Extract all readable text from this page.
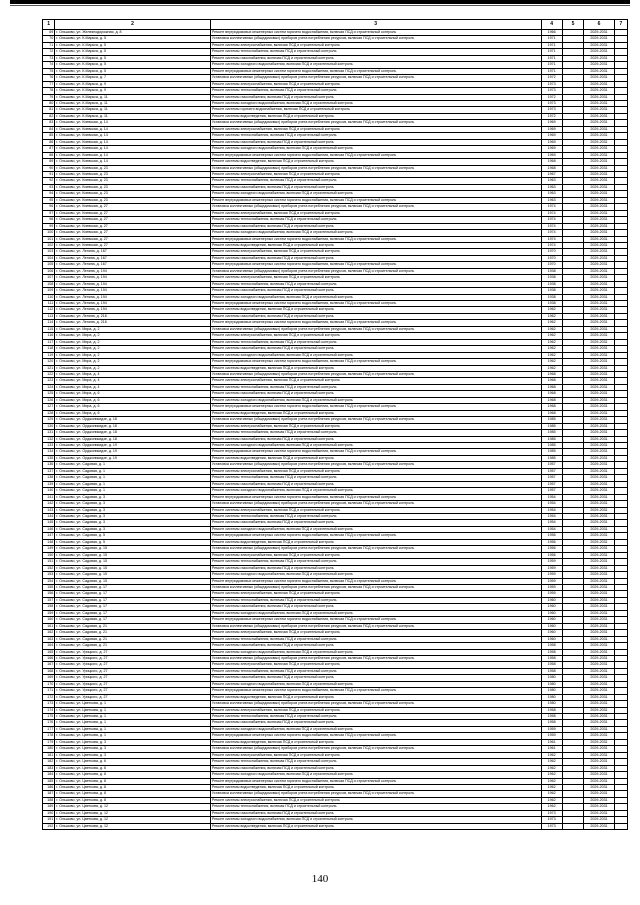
1	2	3	4	5	6	7
69	г. Ольшово, ул. Железнодорожная, д. 8	Ремонт внутридомовых инженерных систем горячего водоснабжения, включая ПСД и строительный контроль	1966		2029-2031	
70	г. Ольшово, ул. К.Маркса, д. 5	Установка коллективных (общедомовых) приборов учета потребления ресурсов, включая ПСД и строительный контроль	1971		2029-2031	
71	г. Ольшово, ул. К.Маркса, д. 5	Ремонт системы электроснабжения, включая ПСД и строительный контроль	1971		2029-2031	
72	г. Ольшово, ул. К.Маркса, д. 5	Ремонт системы теплоснабжения, включая ПСД и строительный контроль	1971		2029-2031	
73	г. Ольшово, ул. К.Маркса, д. 5	Ремонт системы газоснабжения, включая ПСД и строительный контроль	1971		2029-2031	
74	г. Ольшово, ул. К.Маркса, д. 5	Ремонт системы холодного водоснабжения, включая ПСД и строительный контроль	1971		2029-2031	
75	г. Ольшово, ул. К.Маркса, д. 5	Ремонт внутридомовых инженерных систем горячего водоснабжения, включая ПСД и строительный контроль	1971		2029-2031	
76	г. Ольшово, ул. К.Маркса, д. 7	Установка коллективных (общедомовых) приборов учета потребления ресурсов, включая ПСД и строительный контроль	1972		2029-2031	
77	г. Ольшово, ул. К.Маркса, д. 9	Ремонт системы электроснабжения, включая ПСД и строительный контроль	1973		2029-2031	
78	г. Ольшово, ул. К.Маркса, д. 9	Ремонт системы теплоснабжения, включая ПСД и строительный контроль	1973		2029-2031	
79	г. Ольшово, ул. К.Маркса, д. 11	Ремонт системы газоснабжения, включая ПСД и строительный контроль	1972		2029-2031	
80	г. Ольшово, ул. К.Маркса, д. 11	Ремонт системы холодного водоснабжения, включая ПСД и строительный контроль	1973		2029-2031	
81	г. Ольшово, ул. К.Маркса, д. 11	Ремонт системы горячего водоснабжения, включая ПСД и строительный контроль	1973		2029-2031	
82	г. Ольшово, ул. К.Маркса, д. 11	Ремонт системы водоотведения, включая ПСД и строительный контроль	1972		2029-2031	
83	г. Ольшово, ул. Киевская, д. 14	Установка коллективных (общедомовых) приборов учета потребления ресурсов, включая ПСД и строительный контроль	1969		2029-2031	
84	г. Ольшово, ул. Киевская, д. 14	Ремонт системы электроснабжения, включая ПСД и строительный контроль	1969		2029-2031	
85	г. Ольшово, ул. Киевская, д. 14	Ремонт системы теплоснабжения, включая ПСД и строительный контроль	1969		2029-2031	
86	г. Ольшово, ул. Киевская, д. 14	Ремонт системы газоснабжения, включая ПСД и строительный контроль	1969		2029-2031	
87	г. Ольшово, ул. Киевская, д. 14	Ремонт системы холодного водоснабжения, включая ПСД и строительный контроль	1969		2029-2031	
88	г. Ольшово, ул. Киевская, д. 14	Ремонт внутридомовых инженерных систем горячего водоснабжения, включая ПСД и строительный контроль	1969		2029-2031	
89	г. Ольшово, ул. Киевская, д. 14	Ремонт системы водоотведения, включая ПСД и строительный контроль	1968		2029-2031	
90	г. Ольшово, ул. Киевская, д. 23	Установка коллективных (общедомовых) приборов учета потребления ресурсов, включая ПСД и строительный контроль	1968		2029-2031	
91	г. Ольшово, ул. Киевская, д. 23	Ремонт системы электроснабжения, включая ПСД и строительный контроль	1967		2029-2031	
92	г. Ольшово, ул. Киевская, д. 23	Ремонт системы теплоснабжения, включая ПСД и строительный контроль	1963		2029-2031	
93	г. Ольшово, ул. Киевская, д. 23	Ремонт системы газоснабжения, включая ПСД и строительный контроль	1963		2029-2031	
94	г. Ольшово, ул. Киевская, д. 23	Ремонт системы холодного водоснабжения, включая ПСД и строительный контроль	1963		2029-2031	
95	г. Ольшово, ул. Киевская, д. 23	Ремонт внутридомовых инженерных систем горячего водоснабжения, включая ПСД и строительный контроль	1963		2029-2031	
96	г. Ольшово, ул. Киевская, д. 27	Установка коллективных (общедомовых) приборов учета потребления ресурсов, включая ПСД и строительный контроль	1974		2029-2031	
97	г. Ольшово, ул. Киевская, д. 27	Ремонт системы электроснабжения, включая ПСД и строительный контроль	1974		2029-2031	
98	г. Ольшово, ул. Киевская, д. 27	Ремонт системы теплоснабжения, включая ПСД и строительный контроль	1974		2029-2031	
99	г. Ольшово, ул. Киевская, д. 27	Ремонт системы газоснабжения, включая ПСД и строительный контроль	1974		2029-2031	
100	г. Ольшово, ул. Киевская, д. 27	Ремонт системы холодного водоснабжения, включая ПСД и строительный контроль	1974		2029-2031	
101	г. Ольшово, ул. Киевская, д. 27	Ремонт внутридомовых инженерных систем горячего водоснабжения, включая ПСД и строительный контроль	1974		2029-2031	
102	г. Ольшово, ул. Киевская, д. 27	Ремонт системы водоотведения, включая ПСД и строительный контроль	1974		2029-2031	
103	г. Ольшово, ул. Ленина, д. 167	Ремонт системы электроснабжения, включая ПСД и строительный контроль	1970		2029-2031	
104	г. Ольшово, ул. Ленина, д. 167	Ремонт системы газоснабжения, включая ПСД и строительный контроль	1970		2029-2031	
105	г. Ольшово, ул. Ленина, д. 167	Ремонт внутридомовых инженерных систем горячего водоснабжения, включая ПСД и строительный контроль	1970		2029-2031	
106	г. Ольшово, ул. Ленина, д. 194	Установка коллективных (общедомовых) приборов учета потребления ресурсов, включая ПСД и строительный контроль	1938		2029-2031	
107	г. Ольшово, ул. Ленина, д. 194	Ремонт системы электроснабжения, включая ПСД и строительный контроль	1938		2029-2031	
108	г. Ольшово, ул. Ленина, д. 194	Ремонт системы теплоснабжения, включая ПСД и строительный контроль	1938		2029-2031	
109	г. Ольшово, ул. Ленина, д. 194	Ремонт системы газоснабжения, включая ПСД и строительный контроль	1938		2029-2031	
110	г. Ольшово, ул. Ленина, д. 194	Ремонт системы холодного водоснабжения, включая ПСД и строительный контроль	1938		2029-2031	
111	г. Ольшово, ул. Ленина, д. 194	Ремонт внутридомовых инженерных систем горячего водоснабжения, включая ПСД и строительный контроль	1938		2029-2031	
112	г. Ольшово, ул. Ленина, д. 194	Ремонт системы водоотведения, включая ПСД и строительный контроль	1962		2029-2031	
113	г. Ольшово, ул. Ленина, д. 216	Ремонт системы газоснабжения, включая ПСД и строительный контроль	1962		2029-2031	
114	г. Ольшово, ул. Ленина, д. 216	Ремонт внутридомовых инженерных систем горячего водоснабжения, включая ПСД и строительный контроль	1962		2029-2031	
115	г. Ольшово, ул. Мира, д. 2	Установка коллективных (общедомовых) приборов учета потребления ресурсов, включая ПСД и строительный контроль	1962		2029-2031	
116	г. Ольшово, ул. Мира, д. 2	Ремонт системы электроснабжения, включая ПСД и строительный контроль	1962		2029-2031	
117	г. Ольшово, ул. Мира, д. 2	Ремонт системы теплоснабжения, включая ПСД и строительный контроль	1962		2029-2031	
118	г. Ольшово, ул. Мира, д. 2	Ремонт системы газоснабжения, включая ПСД и строительный контроль	1962		2029-2031	
119	г. Ольшово, ул. Мира, д. 2	Ремонт системы холодного водоснабжения, включая ПСД и строительный контроль	1962		2029-2031	
120	г. Ольшово, ул. Мира, д. 2	Ремонт внутридомовых инженерных систем горячего водоснабжения, включая ПСД и строительный контроль	1962		2029-2031	
121	г. Ольшово, ул. Мира, д. 2	Ремонт системы водоотведения, включая ПСД и строительный контроль	1962		2029-2031	
122	г. Ольшово, ул. Мира, д. 4	Установка коллективных (общедомовых) приборов учета потребления ресурсов, включая ПСД и строительный контроль	1968		2029-2031	
123	г. Ольшово, ул. Мира, д. 4	Ремонт системы электроснабжения, включая ПСД и строительный контроль	1968		2029-2031	
124	г. Ольшово, ул. Мира, д. 4	Ремонт системы теплоснабжения, включая ПСД и строительный контроль	1968		2029-2031	
125	г. Ольшово, ул. Мира, д. 6	Ремонт системы газоснабжения, включая ПСД и строительный контроль	1968		2029-2031	
126	г. Ольшово, ул. Мира, д. 6	Ремонт системы холодного водоснабжения, включая ПСД и строительный контроль	1968		2029-2031	
127	г. Ольшово, ул. Мира, д. 6	Ремонт внутридомовых инженерных систем горячего водоснабжения, включая ПСД и строительный контроль	1968		2029-2031	
128	г. Ольшово, ул. Мира, д. 6	Ремонт системы водоотведения, включая ПСД и строительный контроль	1968		2029-2031	
129	г. Ольшово, ул. Орджоникидзе, д. 18	Установка коллективных (общедомовых) приборов учета потребления ресурсов, включая ПСД и строительный контроль	1985		2029-2031	
130	г. Ольшово, ул. Орджоникидзе, д. 18	Ремонт системы электроснабжения, включая ПСД и строительный контроль	1985		2029-2031	
131	г. Ольшово, ул. Орджоникидзе, д. 18	Ремонт системы теплоснабжения, включая ПСД и строительный контроль	1985		2029-2031	
132	г. Ольшово, ул. Орджоникидзе, д. 18	Ремонт системы газоснабжения, включая ПСД и строительный контроль	1985		2029-2031	
133	г. Ольшово, ул. Орджоникидзе, д. 19	Ремонт системы холодного водоснабжения, включая ПСД и строительный контроль	1985		2029-2031	
134	г. Ольшово, ул. Орджоникидзе, д. 19	Ремонт внутридомовых инженерных систем горячего водоснабжения, включая ПСД и строительный контроль	1985		2029-2031	
135	г. Ольшово, ул. Орджоникидзе, д. 19	Ремонт системы водоотведения, включая ПСД и строительный контроль	1985		2029-2031	
136	г. Ольшово, ул. Садовая, д. 1	Установка коллективных (общедомовых) приборов учета потребления ресурсов, включая ПСД и строительный контроль	1957		2029-2031	
137	г. Ольшово, ул. Садовая, д. 1	Ремонт системы электроснабжения, включая ПСД и строительный контроль	1957		2029-2031	
138	г. Ольшово, ул. Садовая, д. 1	Ремонт системы теплоснабжения, включая ПСД и строительный контроль	1957		2029-2031	
139	г. Ольшово, ул. Садовая, д. 1	Ремонт системы газоснабжения, включая ПСД и строительный контроль	1957		2029-2031	
140	г. Ольшово, ул. Садовая, д. 1	Ремонт системы холодного водоснабжения, включая ПСД и строительный контроль	1957		2029-2031	
141	г. Ольшово, ул. Садовая, д. 3	Ремонт внутридомовых инженерных систем горячего водоснабжения, включая ПСД и строительный контроль	1954		2029-2031	
142	г. Ольшово, ул. Садовая, д. 3	Установка коллективных (общедомовых) приборов учета потребления ресурсов, включая ПСД и строительный контроль	1954		2029-2031	
143	г. Ольшово, ул. Садовая, д. 3	Ремонт системы электроснабжения, включая ПСД и строительный контроль	1954		2029-2031	
144	г. Ольшово, ул. Садовая, д. 3	Ремонт системы теплоснабжения, включая ПСД и строительный контроль	1954		2029-2031	
145	г. Ольшово, ул. Садовая, д. 3	Ремонт системы газоснабжения, включая ПСД и строительный контроль	1954		2029-2031	
146	г. Ольшово, ул. Садовая, д. 3	Ремонт системы холодного водоснабжения, включая ПСД и строительный контроль	1954		2029-2031	
147	г. Ольшово, ул. Садовая, д. 5	Ремонт внутридомовых инженерных систем горячего водоснабжения, включая ПСД и строительный контроль	1956		2029-2031	
148	г. Ольшово, ул. Садовая, д. 5	Ремонт системы водоотведения, включая ПСД и строительный контроль	1956		2029-2031	
149	г. Ольшово, ул. Садовая, д. 15	Установка коллективных (общедомовых) приборов учета потребления ресурсов, включая ПСД и строительный контроль	1956		2029-2031	
150	г. Ольшово, ул. Садовая, д. 15	Ремонт системы электроснабжения, включая ПСД и строительный контроль	1956		2029-2031	
151	г. Ольшово, ул. Садовая, д. 15	Ремонт системы теплоснабжения, включая ПСД и строительный контроль	1959		2029-2031	
152	г. Ольшово, ул. Садовая, д. 15	Ремонт системы газоснабжения, включая ПСД и строительный контроль	1959		2029-2031	
153	г. Ольшово, ул. Садовая, д. 15	Ремонт системы холодного водоснабжения, включая ПСД и строительный контроль	1959		2029-2031	
154	г. Ольшово, ул. Садовая, д. 15	Ремонт внутридомовых инженерных систем горячего водоснабжения, включая ПСД и строительный контроль	1959		2029-2031	
155	г. Ольшово, ул. Садовая, д. 17	Установка коллективных (общедомовых) приборов учета потребления ресурсов, включая ПСД и строительный контроль	1959		2029-2031	
156	г. Ольшово, ул. Садовая, д. 17	Ремонт системы электроснабжения, включая ПСД и строительный контроль	1959		2029-2031	
157	г. Ольшово, ул. Садовая, д. 17	Ремонт системы теплоснабжения, включая ПСД и строительный контроль	1960		2029-2031	
158	г. Ольшово, ул. Садовая, д. 17	Ремонт системы газоснабжения, включая ПСД и строительный контроль	1960		2029-2031	
159	г. Ольшово, ул. Садовая, д. 17	Ремонт системы холодного водоснабжения, включая ПСД и строительный контроль	1960		2029-2031	
160	г. Ольшово, ул. Садовая, д. 17	Ремонт внутридомовых инженерных систем горячего водоснабжения, включая ПСД и строительный контроль	1960		2029-2031	
161	г. Ольшово, ул. Садовая, д. 21	Установка коллективных (общедомовых) приборов учета потребления ресурсов, включая ПСД и строительный контроль	1960		2029-2031	
162	г. Ольшово, ул. Садовая, д. 21	Ремонт системы электроснабжения, включая ПСД и строительный контроль	1960		2029-2031	
163	г. Ольшово, ул. Садовая, д. 21	Ремонт системы теплоснабжения, включая ПСД и строительный контроль	1960		2029-2031	
164	г. Ольшово, ул. Садовая, д. 21	Ремонт системы газоснабжения, включая ПСД и строительный контроль	1958		2029-2031	
165	г. Ольшово, ул. Урицкого, д. 27	Ремонт системы холодного водоснабжения, включая ПСД и строительный контроль	1958		2029-2031	
166	г. Ольшово, ул. Урицкого, д. 27	Установка коллективных (общедомовых) приборов учета потребления ресурсов, включая ПСД и строительный контроль	1958		2029-2031	
167	г. Ольшово, ул. Урицкого, д. 27	Ремонт системы электроснабжения, включая ПСД и строительный контроль	1958		2029-2031	
168	г. Ольшово, ул. Урицкого, д. 27	Ремонт системы теплоснабжения, включая ПСД и строительный контроль	1958		2029-2031	
169	г. Ольшово, ул. Урицкого, д. 27	Ремонт системы газоснабжения, включая ПСД и строительный контроль	1980		2029-2031	
170	г. Ольшово, ул. Урицкого, д. 27	Ремонт системы холодного водоснабжения, включая ПСД и строительный контроль	1980		2029-2031	
171	г. Ольшово, ул. Урицкого, д. 27	Ремонт внутридомовых инженерных систем горячего водоснабжения, включая ПСД и строительный контроль	1980		2029-2031	
172	г. Ольшово, ул. Урицкого, д. 27	Ремонт системы водоотведения, включая ПСД и строительный контроль	1980		2029-2031	
173	г. Ольшово, ул. Цветкова, д. 1	Установка коллективных (общедомовых) приборов учета потребления ресурсов, включая ПСД и строительный контроль	1980		2029-2031	
174	г. Ольшово, ул. Цветкова, д. 1	Ремонт системы электроснабжения, включая ПСД и строительный контроль	1958		2029-2031	
175	г. Ольшово, ул. Цветкова, д. 1	Ремонт системы теплоснабжения, включая ПСД и строительный контроль	1958		2029-2031	
176	г. Ольшово, ул. Цветкова, д. 1	Ремонт системы газоснабжения, включая ПСД и строительный контроль	1958		2029-2031	
177	г. Ольшово, ул. Цветкова, д. 1	Ремонт системы холодного водоснабжения, включая ПСД и строительный контроль	1959		2029-2031	
178	г. Ольшово, ул. Цветкова, д. 1	Ремонт внутридомовых инженерных систем горячего водоснабжения, включая ПСД и строительный контроль	1959		2029-2031	
179	г. Ольшово, ул. Цветкова, д. 3	Ремонт системы водоотведения, включая ПСД и строительный контроль	1961		2029-2031	
180	г. Ольшово, ул. Цветкова, д. 3	Установка коллективных (общедомовых) приборов учета потребления ресурсов, включая ПСД и строительный контроль	1961		2029-2031	
181	г. Ольшово, ул. Цветкова, д. 3	Ремонт системы электроснабжения, включая ПСД и строительный контроль	1962		2029-2031	
182	г. Ольшово, ул. Цветкова, д. 6	Ремонт системы теплоснабжения, включая ПСД и строительный контроль	1962		2029-2031	
183	г. Ольшово, ул. Цветкова, д. 6	Ремонт системы газоснабжения, включая ПСД и строительный контроль	1962		2029-2031	
184	г. Ольшово, ул. Цветкова, д. 6	Ремонт системы холодного водоснабжения, включая ПСД и строительный контроль	1962		2029-2031	
185	г. Ольшово, ул. Цветкова, д. 8	Ремонт внутридомовых инженерных систем горячего водоснабжения, включая ПСД и строительный контроль	1962		2029-2031	
186	г. Ольшово, ул. Цветкова, д. 8	Ремонт системы водоотведения, включая ПСД и строительный контроль	1962		2029-2031	
187	г. Ольшово, ул. Цветкова, д. 8	Установка коллективных (общедомовых) приборов учета потребления ресурсов, включая ПСД и строительный контроль	1962		2029-2031	
188	г. Ольшово, ул. Цветкова, д. 8	Ремонт системы электроснабжения, включая ПСД и строительный контроль	1962		2029-2031	
189	г. Ольшово, ул. Цветкова, д. 12	Ремонт системы теплоснабжения, включая ПСД и строительный контроль	1962		2029-2031	
190	г. Ольшово, ул. Цветкова, д. 12	Ремонт системы газоснабжения, включая ПСД и строительный контроль	1973		2029-2031	
191	г. Ольшово, ул. Цветкова, д. 12	Ремонт системы холодного водоснабжения, включая ПСД и строительный контроль	1973		2029-2031	
192	г. Ольшово, ул. Цветкова, д. 12	Ремонт системы водоотведения, включая ПСД и строительный контроль	1973		2029-2031	
140
